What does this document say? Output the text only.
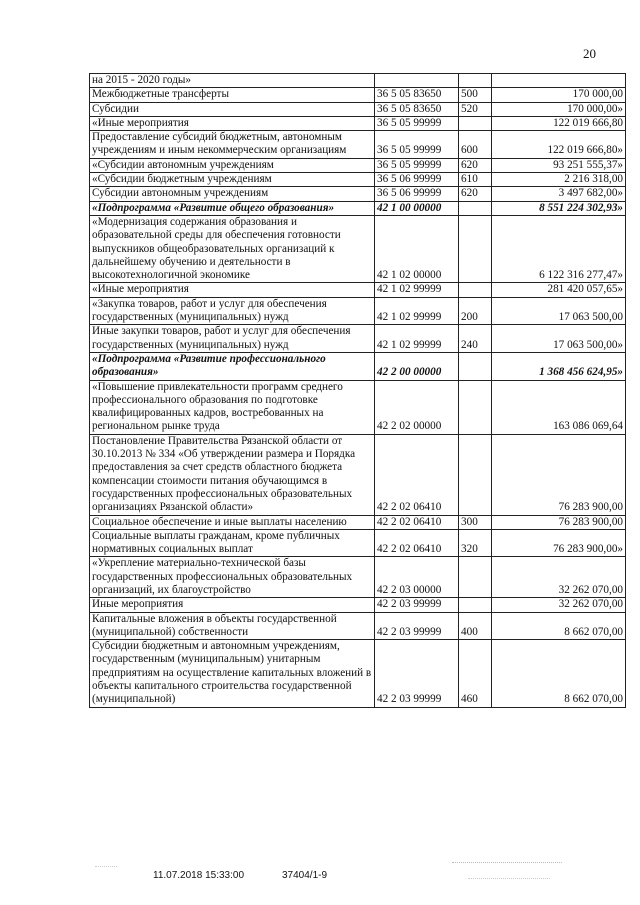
20
на 2015 - 2020 годы»			
Межбюджетные трансферты	36 5 05 83650	500	170 000,00
Субсидии	36 5 05 83650	520	170 000,00»
«Иные мероприятия	36 5 05 99999		122 019 666,80
Предоставление субсидий бюджетным, автономным учреждениям и иным некоммерческим организациям	36 5 05 99999	600	122 019 666,80»
«Субсидии автономным учреждениям	36 5 05 99999	620	93 251 555,37»
«Субсидии бюджетным учреждениям	36 5 06 99999	610	2 216 318,00
Субсидии автономным учреждениям	36 5 06 99999	620	3 497 682,00»
«Подпрограмма «Развитие общего образования»	42 1 00 00000		8 551 224 302,93»
«Модернизация содержания образования и образовательной среды для обеспечения готовности выпускников общеобразовательных организаций к дальнейшему обучению и деятельности в высокотехнологичной экономике	42 1 02 00000		6 122 316 277,47»
«Иные мероприятия	42 1 02 99999		281 420 057,65»
«Закупка товаров, работ и услуг для обеспечения государственных (муниципальных) нужд	42 1 02 99999	200	17 063 500,00
Иные закупки товаров, работ и услуг для обеспечения государственных (муниципальных) нужд	42 1 02 99999	240	17 063 500,00»
«Подпрограмма «Развитие профессионального образования»	42 2 00 00000		1 368 456 624,95»
«Повышение привлекательности программ среднего профессионального образования по подготовке квалифицированных кадров, востребованных на региональном рынке труда	42 2 02 00000		163 086 069,64
Постановление Правительства Рязанской области от 30.10.2013 № 334 «Об утверждении размера и Порядка предоставления за счет средств областного бюджета компенсации стоимости питания обучающимся в государственных профессиональных образовательных организациях Рязанской области»	42 2 02 06410		76 283 900,00
Социальное обеспечение и иные выплаты населению	42 2 02 06410	300	76 283 900,00
Социальные выплаты гражданам, кроме публичных нормативных социальных выплат	42 2 02 06410	320	76 283 900,00»
«Укрепление материально-технической базы государственных профессиональных образовательных организаций, их благоустройство	42 2 03 00000		32 262 070,00
Иные мероприятия	42 2 03 99999		32 262 070,00
Капитальные вложения в объекты государственной (муниципальной) собственности	42 2 03 99999	400	8 662 070,00
Субсидии бюджетным и автономным учреждениям, государственным (муниципальным) унитарным предприятиям на осуществление капитальных вложений в объекты капитального строительства государственной (муниципальной)	42 2 03 99999	460	8 662 070,00
11.07.2018 15:33:00	37404/1-9
